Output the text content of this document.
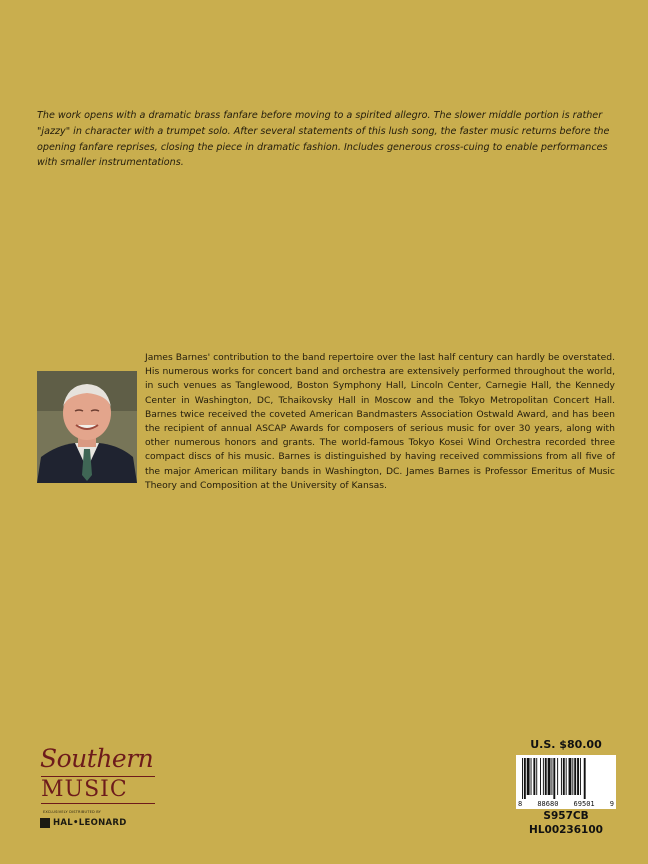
The work opens with a dramatic brass fanfare before moving to a spirited allegro. The slower middle portion is rather "jazzy" in character with a trumpet solo. After several statements of this lush song, the faster music returns before the opening fanfare reprises, closing the piece in dramatic fashion. Includes generous cross-cuing to enable performances with smaller instrumentations.

James Barnes' contribution to the band repertoire over the last half century can hardly be overstated. His numerous works for concert band and orchestra are extensively performed throughout the world, in such venues as Tanglewood, Boston Symphony Hall, Lincoln Center, Carnegie Hall, the Kennedy Center in Washington, DC, Tchaikovsky Hall in Moscow and the Tokyo Metropolitan Concert Hall. Barnes twice received the coveted American Bandmasters Association Ostwald Award, and has been the recipient of annual ASCAP Awards for composers of serious music for over 30 years, along with other numerous honors and grants. The world-famous Tokyo Kosei Wind Orchestra recorded three compact discs of his music. Barnes is distinguished by having received commissions from all five of the major American military bands in Washington, DC. James Barnes is Professor Emeritus of Music Theory and Composition at the University of Kansas.

Southern
MUSIC
EXCLUSIVELY DISTRIBUTED BY
HAL•LEONARD
U.S. $80.00
8 88680 69501 9
S957CB
HL00236100
